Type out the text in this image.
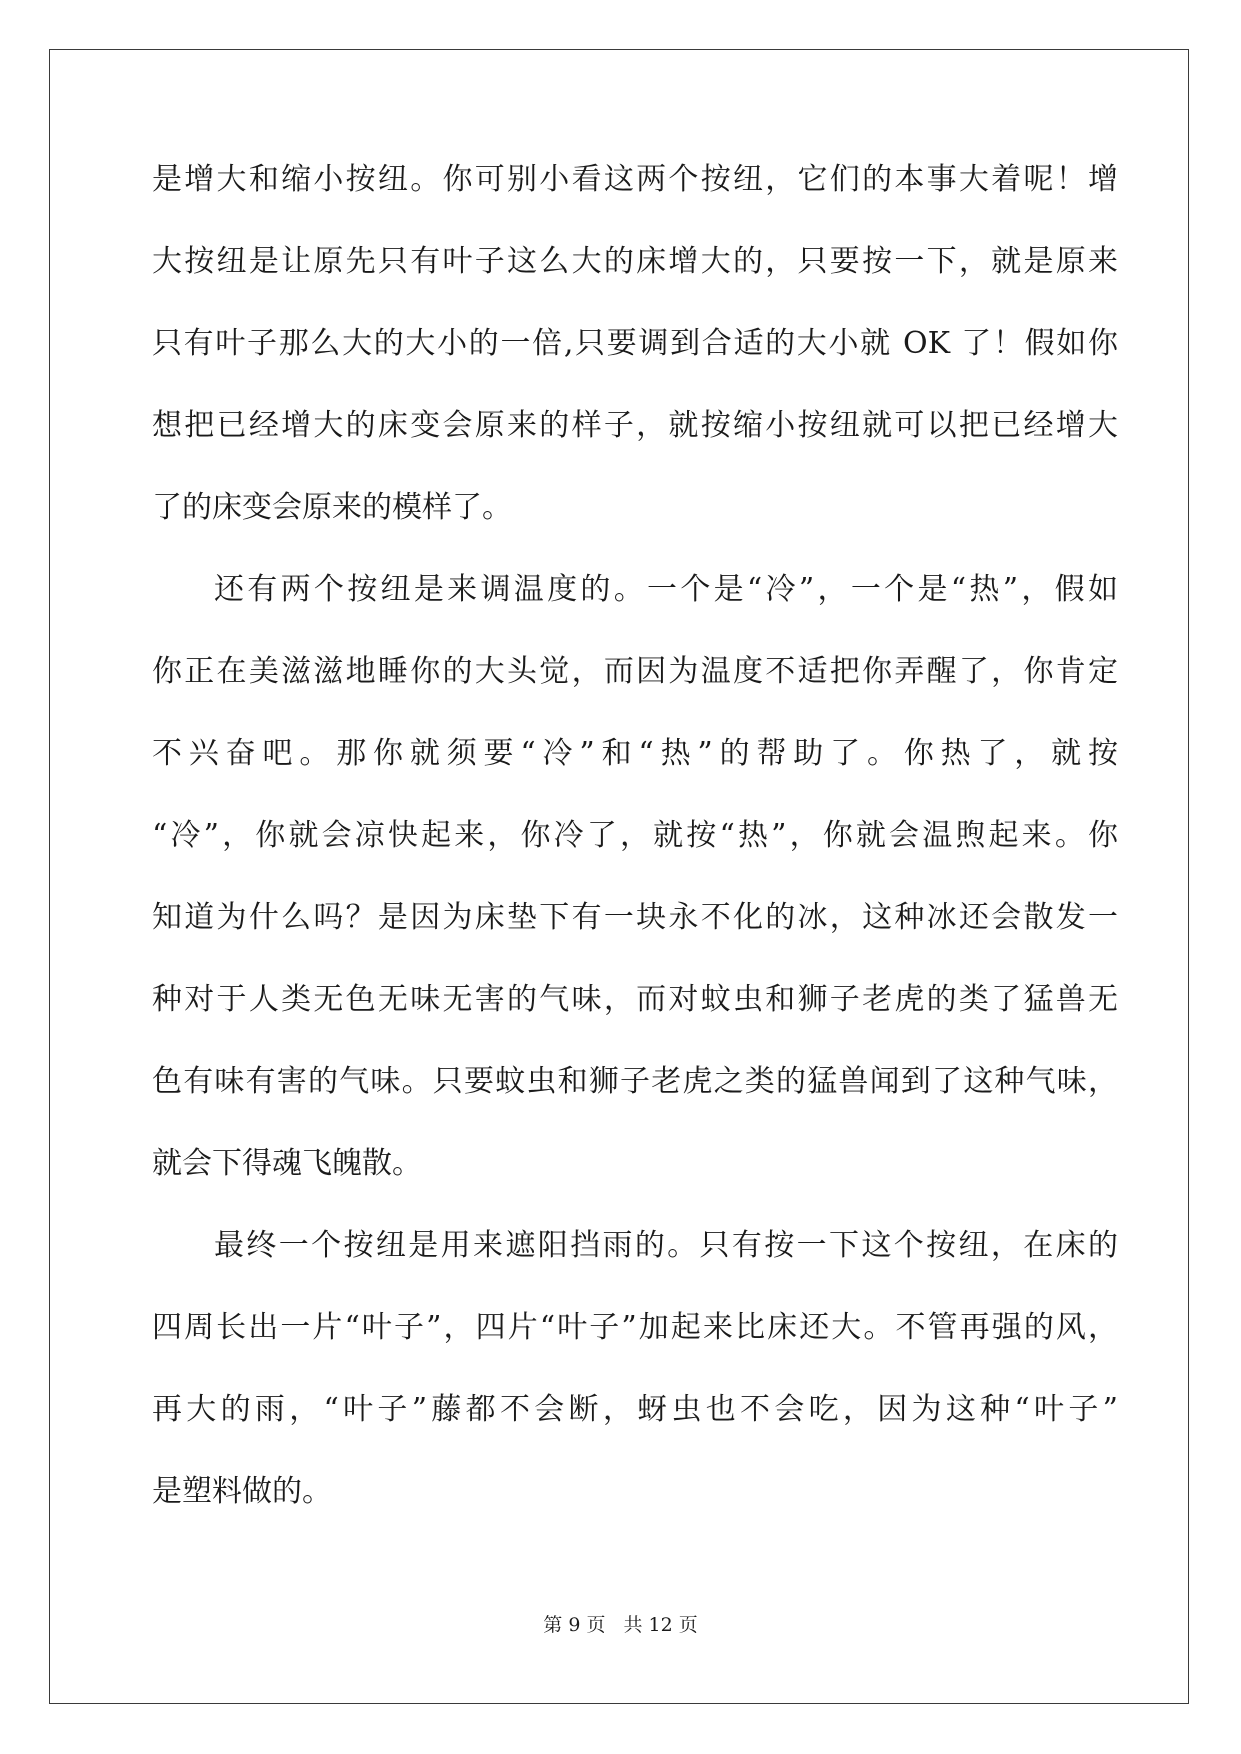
是增大和缩小按纽。你可别小看这两个按纽，它们的本事大着呢！增
大按纽是让原先只有叶子这么大的床增大的，只要按一下，就是原来
只有叶子那么大的大小的一倍,只要调到合适的大小就 OK 了！假如你
想把已经增大的床变会原来的样子，就按缩小按纽就可以把已经增大
了的床变会原来的模样了。
还有两个按纽是来调温度的。一个是“冷”，一个是“热”，假如
你正在美滋滋地睡你的大头觉，而因为温度不适把你弄醒了，你肯定
不兴奋吧。那你就须要“冷”和“热”的帮助了。你热了，就按
“冷”，你就会凉快起来，你冷了，就按“热”，你就会温煦起来。你
知道为什么吗？是因为床垫下有一块永不化的冰，这种冰还会散发一
种对于人类无色无味无害的气味，而对蚊虫和狮子老虎的类了猛兽无
色有味有害的气味。只要蚊虫和狮子老虎之类的猛兽闻到了这种气味，
就会下得魂飞魄散。
最终一个按纽是用来遮阳挡雨的。只有按一下这个按纽，在床的
四周长出一片“叶子”，四片“叶子”加起来比床还大。不管再强的风，
再大的雨，“叶子”藤都不会断，蚜虫也不会吃，因为这种“叶子”
是塑料做的。
第 9 页 共 12 页
